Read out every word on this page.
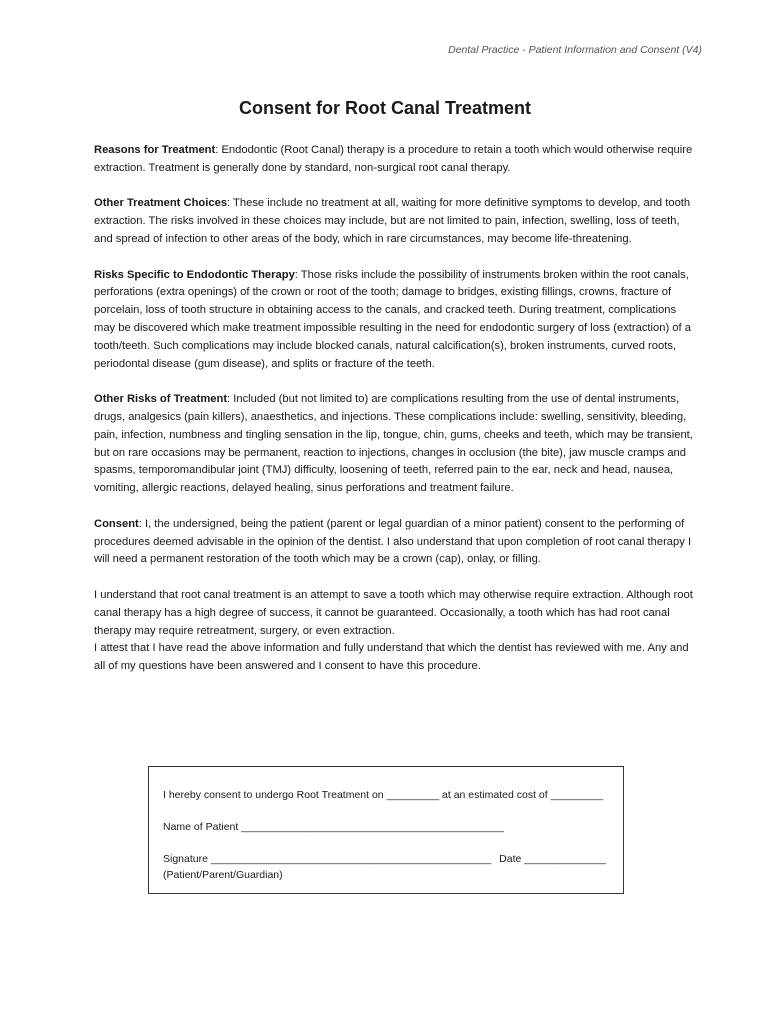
Dental Practice - Patient Information and Consent (V4)
Consent for Root Canal Treatment

Reasons for Treatment: Endodontic (Root Canal) therapy is a procedure to retain a tooth which would otherwise require extraction. Treatment is generally done by standard, non-surgical root canal therapy.

Other Treatment Choices: These include no treatment at all, waiting for more definitive symptoms to develop, and tooth extraction. The risks involved in these choices may include, but are not limited to pain, infection, swelling, loss of teeth, and spread of infection to other areas of the body, which in rare circumstances, may become life-threatening.

Risks Specific to Endodontic Therapy: Those risks include the possibility of instruments broken within the root canals, perforations (extra openings) of the crown or root of the tooth; damage to bridges, existing fillings, crowns, fracture of porcelain, loss of tooth structure in obtaining access to the canals, and cracked teeth. During treatment, complications may be discovered which make treatment impossible resulting in the need for endodontic surgery of loss (extraction) of a tooth/teeth. Such complications may include blocked canals, natural calcification(s), broken instruments, curved roots, periodontal disease (gum disease), and splits or fracture of the teeth.

Other Risks of Treatment: Included (but not limited to) are complications resulting from the use of dental instruments, drugs, analgesics (pain killers), anaesthetics, and injections. These complications include: swelling, sensitivity, bleeding, pain, infection, numbness and tingling sensation in the lip, tongue, chin, gums, cheeks and teeth, which may be transient, but on rare occasions may be permanent, reaction to injections, changes in occlusion (the bite), jaw muscle cramps and spasms, temporomandibular joint (TMJ) difficulty, loosening of teeth, referred pain to the ear, neck and head, nausea, vomiting, allergic reactions, delayed healing, sinus perforations and treatment failure.

Consent: I, the undersigned, being the patient (parent or legal guardian of a minor patient) consent to the performing of procedures deemed advisable in the opinion of the dentist. I also understand that upon completion of root canal therapy I will need a permanent restoration of the tooth which may be a crown (cap), onlay, or filling.

I understand that root canal treatment is an attempt to save a tooth which may otherwise require extraction. Although root canal therapy has a high degree of success, it cannot be guaranteed. Occasionally, a tooth which has had root canal therapy may require retreatment, surgery, or even extraction.

I attest that I have read the above information and fully understand that which the dentist has reviewed with me. Any and all of my questions have been answered and I consent to have this procedure.

I hereby consent to undergo Root Treatment on _________ at an estimated cost of _________
Name of Patient _____________________________________________
Signature ________________________________________________ Date ______________
(Patient/Parent/Guardian)
